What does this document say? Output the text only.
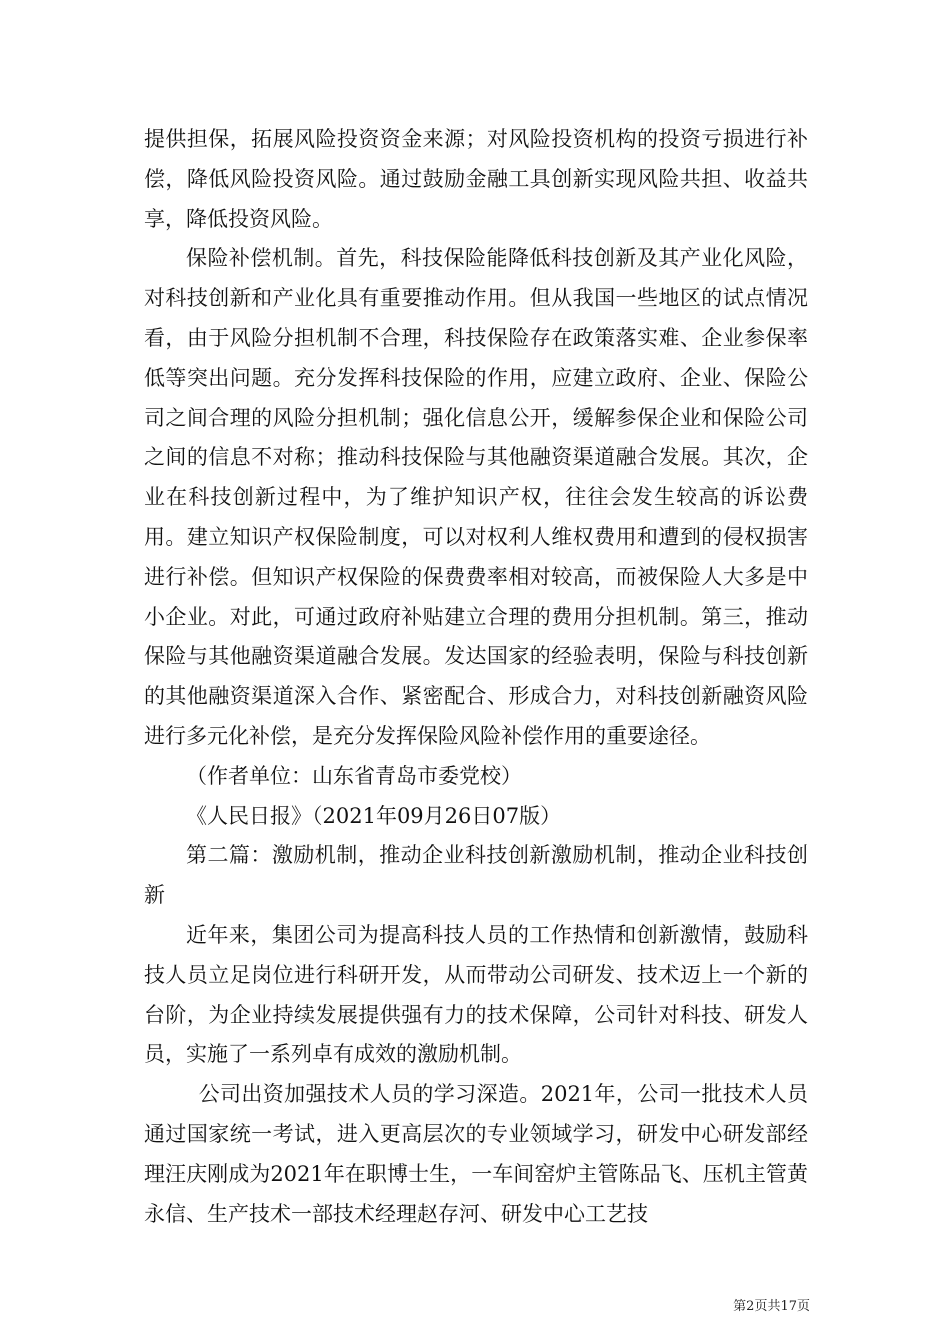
提供担保，拓展风险投资资金来源；对风险投资机构的投资亏损进行补偿，降低风险投资风险。通过鼓励金融工具创新实现风险共担、收益共享，降低投资风险。

保险补偿机制。首先，科技保险能降低科技创新及其产业化风险，对科技创新和产业化具有重要推动作用。但从我国一些地区的试点情况看，由于风险分担机制不合理，科技保险存在政策落实难、企业参保率低等突出问题。充分发挥科技保险的作用，应建立政府、企业、保险公司之间合理的风险分担机制；强化信息公开，缓解参保企业和保险公司之间的信息不对称；推动科技保险与其他融资渠道融合发展。其次，企业在科技创新过程中，为了维护知识产权，往往会发生较高的诉讼费用。建立知识产权保险制度，可以对权利人维权费用和遭到的侵权损害进行补偿。但知识产权保险的保费费率相对较高，而被保险人大多是中小企业。对此，可通过政府补贴建立合理的费用分担机制。第三，推动保险与其他融资渠道融合发展。发达国家的经验表明，保险与科技创新的其他融资渠道深入合作、紧密配合、形成合力，对科技创新融资风险进行多元化补偿，是充分发挥保险风险补偿作用的重要途径。

（作者单位：山东省青岛市委党校）

《人民日报》（2021年09月26日07版）

第二篇：激励机制，推动企业科技创新激励机制，推动企业科技创新

近年来，集团公司为提高科技人员的工作热情和创新激情，鼓励科技人员立足岗位进行科研开发，从而带动公司研发、技术迈上一个新的台阶，为企业持续发展提供强有力的技术保障，公司针对科技、研发人员，实施了一系列卓有成效的激励机制。

公司出资加强技术人员的学习深造。2021年，公司一批技术人员通过国家统一考试，进入更高层次的专业领域学习，研发中心研发部经理汪庆刚成为2021年在职博士生，一车间窑炉主管陈品飞、压机主管黄永信、生产技术一部技术经理赵存河、研发中心工艺技

第2页共17页
